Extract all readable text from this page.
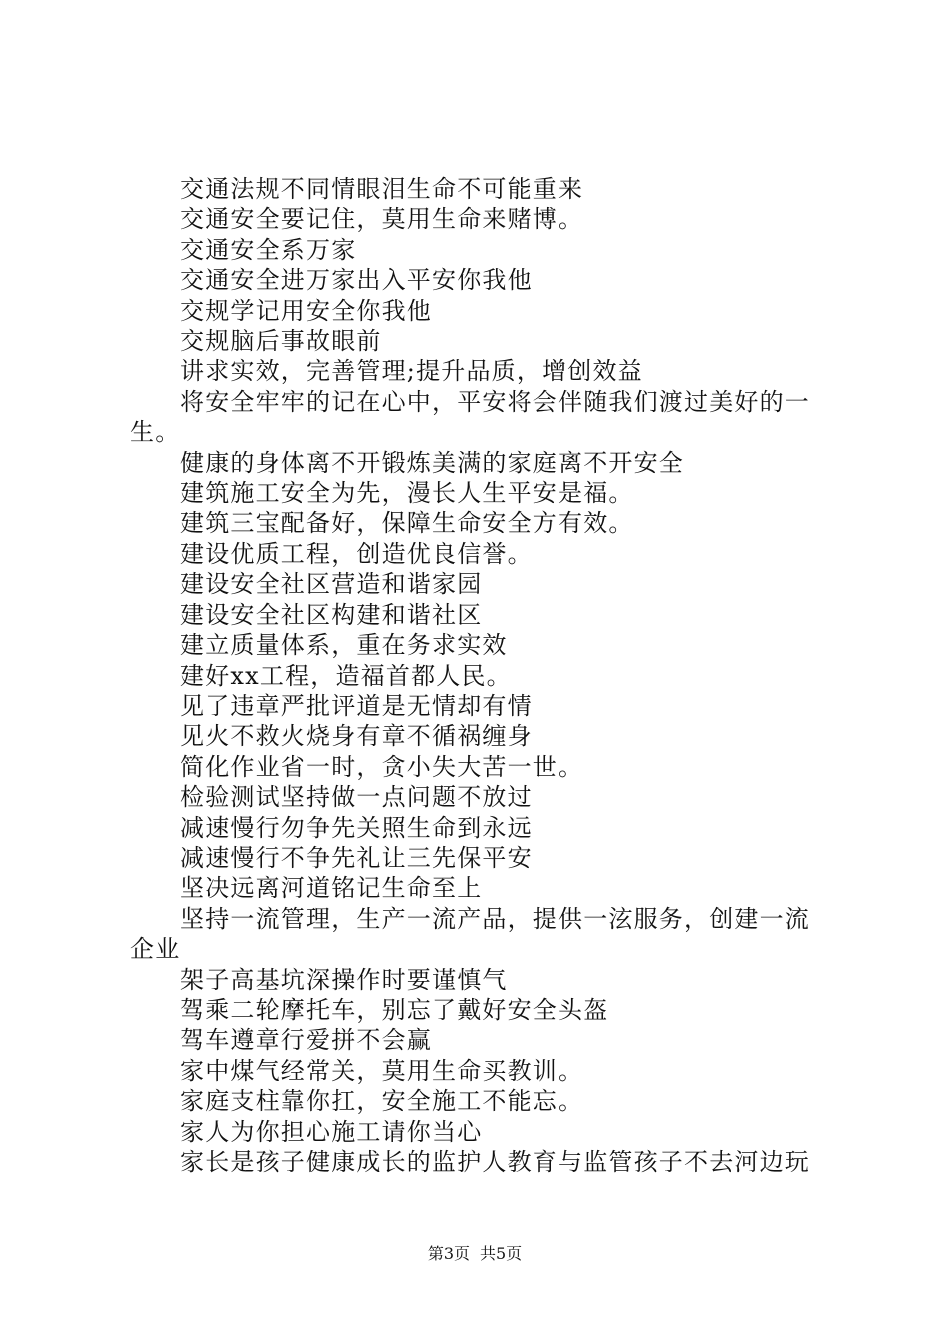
交通法规不同情眼泪生命不可能重来

交通安全要记住，莫用生命来赌博。

交通安全系万家

交通安全进万家出入平安你我他

交规学记用安全你我他

交规脑后事故眼前

讲求实效，完善管理;提升品质，增创效益

将安全牢牢的记在心中，平安将会伴随我们渡过美好的一生。

健康的身体离不开锻炼美满的家庭离不开安全

建筑施工安全为先，漫长人生平安是福。

建筑三宝配备好，保障生命安全方有效。

建设优质工程，创造优良信誉。

建设安全社区营造和谐家园

建设安全社区构建和谐社区

建立质量体系，重在务求实效

建好xx工程，造福首都人民。

见了违章严批评道是无情却有情

见火不救火烧身有章不循祸缠身

简化作业省一时，贪小失大苦一世。

检验测试坚持做一点问题不放过

减速慢行勿争先关照生命到永远

减速慢行不争先礼让三先保平安

坚决远离河道铭记生命至上

坚持一流管理，生产一流产品，提供一泫服务，创建一流企业

架子高基坑深操作时要谨慎气

驾乘二轮摩托车，别忘了戴好安全头盔

驾车遵章行爱拼不会赢

家中煤气经常关，莫用生命买教训。

家庭支柱靠你扛，安全施工不能忘。

家人为你担心施工请你当心

家长是孩子健康成长的监护人教育与监管孩子不去河边玩

第3页 共5页
